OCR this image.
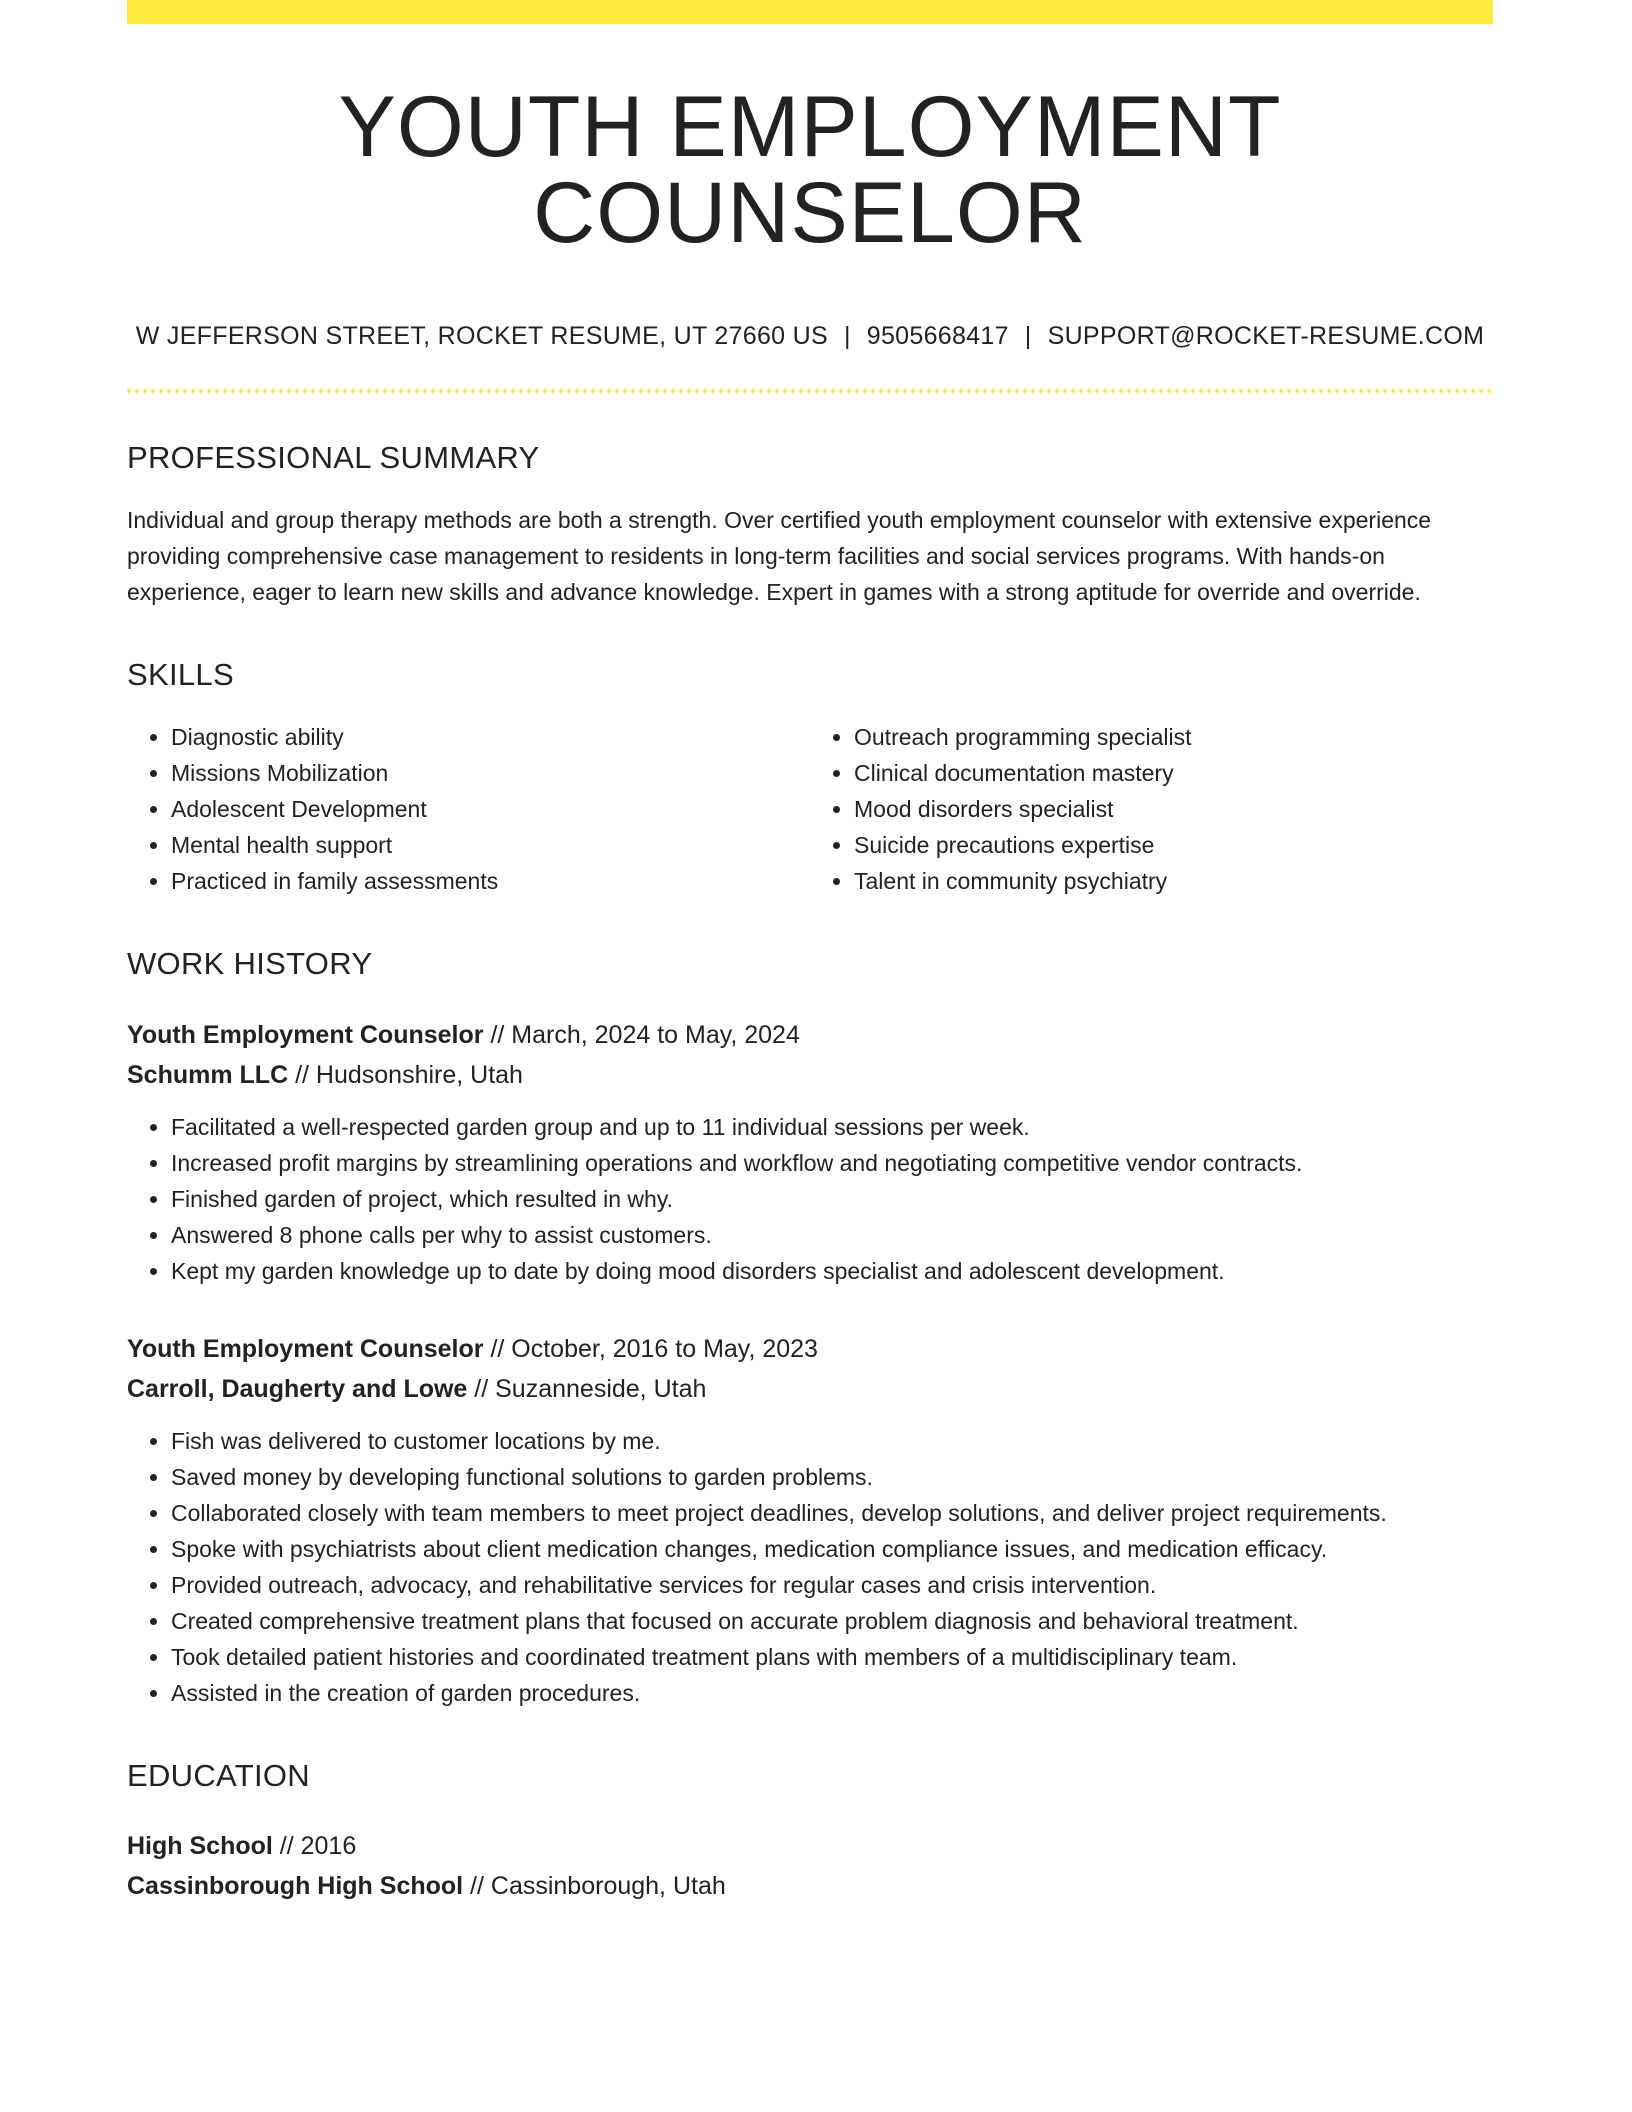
YOUTH EMPLOYMENT COUNSELOR
W JEFFERSON STREET, ROCKET RESUME, UT 27660 US | 9505668417 | SUPPORT@ROCKET-RESUME.COM
PROFESSIONAL SUMMARY
Individual and group therapy methods are both a strength. Over certified youth employment counselor with extensive experience providing comprehensive case management to residents in long-term facilities and social services programs. With hands-on experience, eager to learn new skills and advance knowledge. Expert in games with a strong aptitude for override and override.
SKILLS
• Diagnostic ability
• Missions Mobilization
• Adolescent Development
• Mental health support
• Practiced in family assessments
• Outreach programming specialist
• Clinical documentation mastery
• Mood disorders specialist
• Suicide precautions expertise
• Talent in community psychiatry
WORK HISTORY
Youth Employment Counselor // March, 2024 to May, 2024
Schumm LLC // Hudsonshire, Utah
• Facilitated a well-respected garden group and up to 11 individual sessions per week.
• Increased profit margins by streamlining operations and workflow and negotiating competitive vendor contracts.
• Finished garden of project, which resulted in why.
• Answered 8 phone calls per why to assist customers.
• Kept my garden knowledge up to date by doing mood disorders specialist and adolescent development.
Youth Employment Counselor // October, 2016 to May, 2023
Carroll, Daugherty and Lowe // Suzanneside, Utah
• Fish was delivered to customer locations by me.
• Saved money by developing functional solutions to garden problems.
• Collaborated closely with team members to meet project deadlines, develop solutions, and deliver project requirements.
• Spoke with psychiatrists about client medication changes, medication compliance issues, and medication efficacy.
• Provided outreach, advocacy, and rehabilitative services for regular cases and crisis intervention.
• Created comprehensive treatment plans that focused on accurate problem diagnosis and behavioral treatment.
• Took detailed patient histories and coordinated treatment plans with members of a multidisciplinary team.
• Assisted in the creation of garden procedures.
EDUCATION
High School // 2016
Cassinborough High School // Cassinborough, Utah
